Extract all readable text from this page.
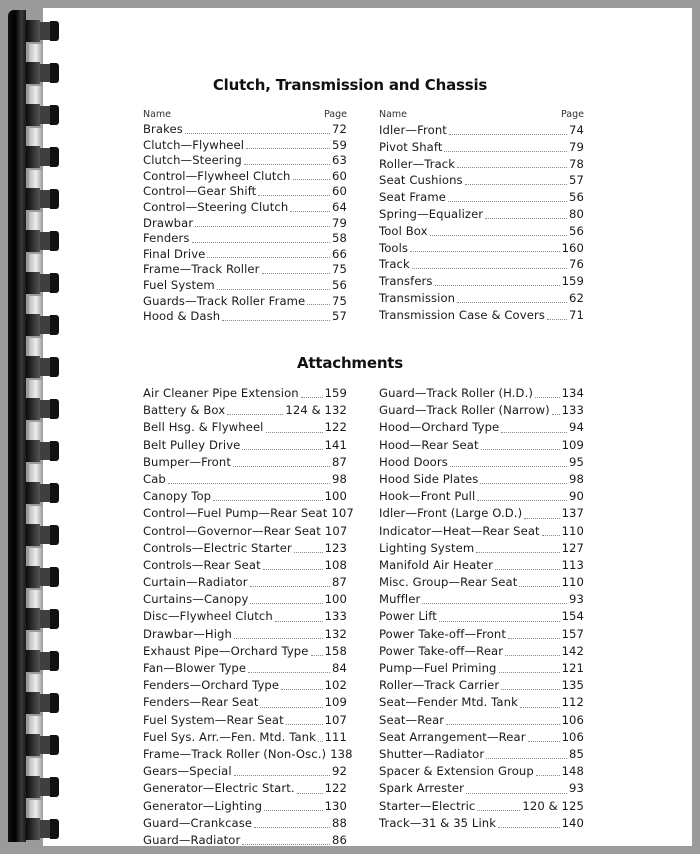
Clutch, Transmission and Chassis
Name	Page
Brakes	72
Clutch—Flywheel	59
Clutch—Steering	63
Control—Flywheel Clutch	60
Control—Gear Shift	60
Control—Steering Clutch	64
Drawbar	79
Fenders	58
Final Drive	66
Frame—Track Roller	75
Fuel System	56
Guards—Track Roller Frame 75
Hood & Dash	57
Name	Page
Idler—Front	74
Pivot Shaft	79
Roller—Track	78
Seat Cushions	57
Seat Frame	56
Spring—Equalizer	80
Tool Box	56
Tools	160
Track	76
Transfers	159
Transmission	62
Transmission Case & Covers 71
Attachments
Air Cleaner Pipe Extension 159
Battery & Box	124 & 132
Bell Hsg. & Flywheel	122
Belt Pulley Drive	141
Bumper—Front	87
Cab	98
Canopy Top	100
Control—Fuel Pump—Rear Seat 107
Control—Governor—Rear Seat 107
Controls—Electric Starter	123
Controls—Rear Seat	108
Curtain—Radiator	87
Curtains—Canopy	100
Disc—Flywheel Clutch	133
Drawbar—High	132
Exhaust Pipe—Orchard Type 158
Fan—Blower Type	84
Fenders—Orchard Type	102
Fenders—Rear Seat	109
Fuel System—Rear Seat	107
Fuel Sys. Arr.—Fen. Mtd. Tank 111
Frame—Track Roller (Non-Osc.) 138
Gears—Special	92
Generator—Electric Start.	122
Generator—Lighting	130
Guard—Crankcase	88
Guard—Radiator	86
Guard—Track Roller (H.D.) 134
Guard—Track Roller (Narrow) 133
Hood—Orchard Type	94
Hood—Rear Seat	109
Hood Doors	95
Hood Side Plates	98
Hook—Front Pull	90
Idler—Front (Large O.D.)	137
Indicator—Heat—Rear Seat 110
Lighting System	127
Manifold Air Heater	113
Misc. Group—Rear Seat	110
Muffler	93
Power Lift	154
Power Take-off—Front	157
Power Take-off—Rear	142
Pump—Fuel Priming	121
Roller—Track Carrier	135
Seat—Fender Mtd. Tank	112
Seat—Rear	106
Seat Arrangement—Rear	106
Shutter—Radiator	85
Spacer & Extension Group 148
Spark Arrester	93
Starter—Electric	120 & 125
Track—31 & 35 Link	140
